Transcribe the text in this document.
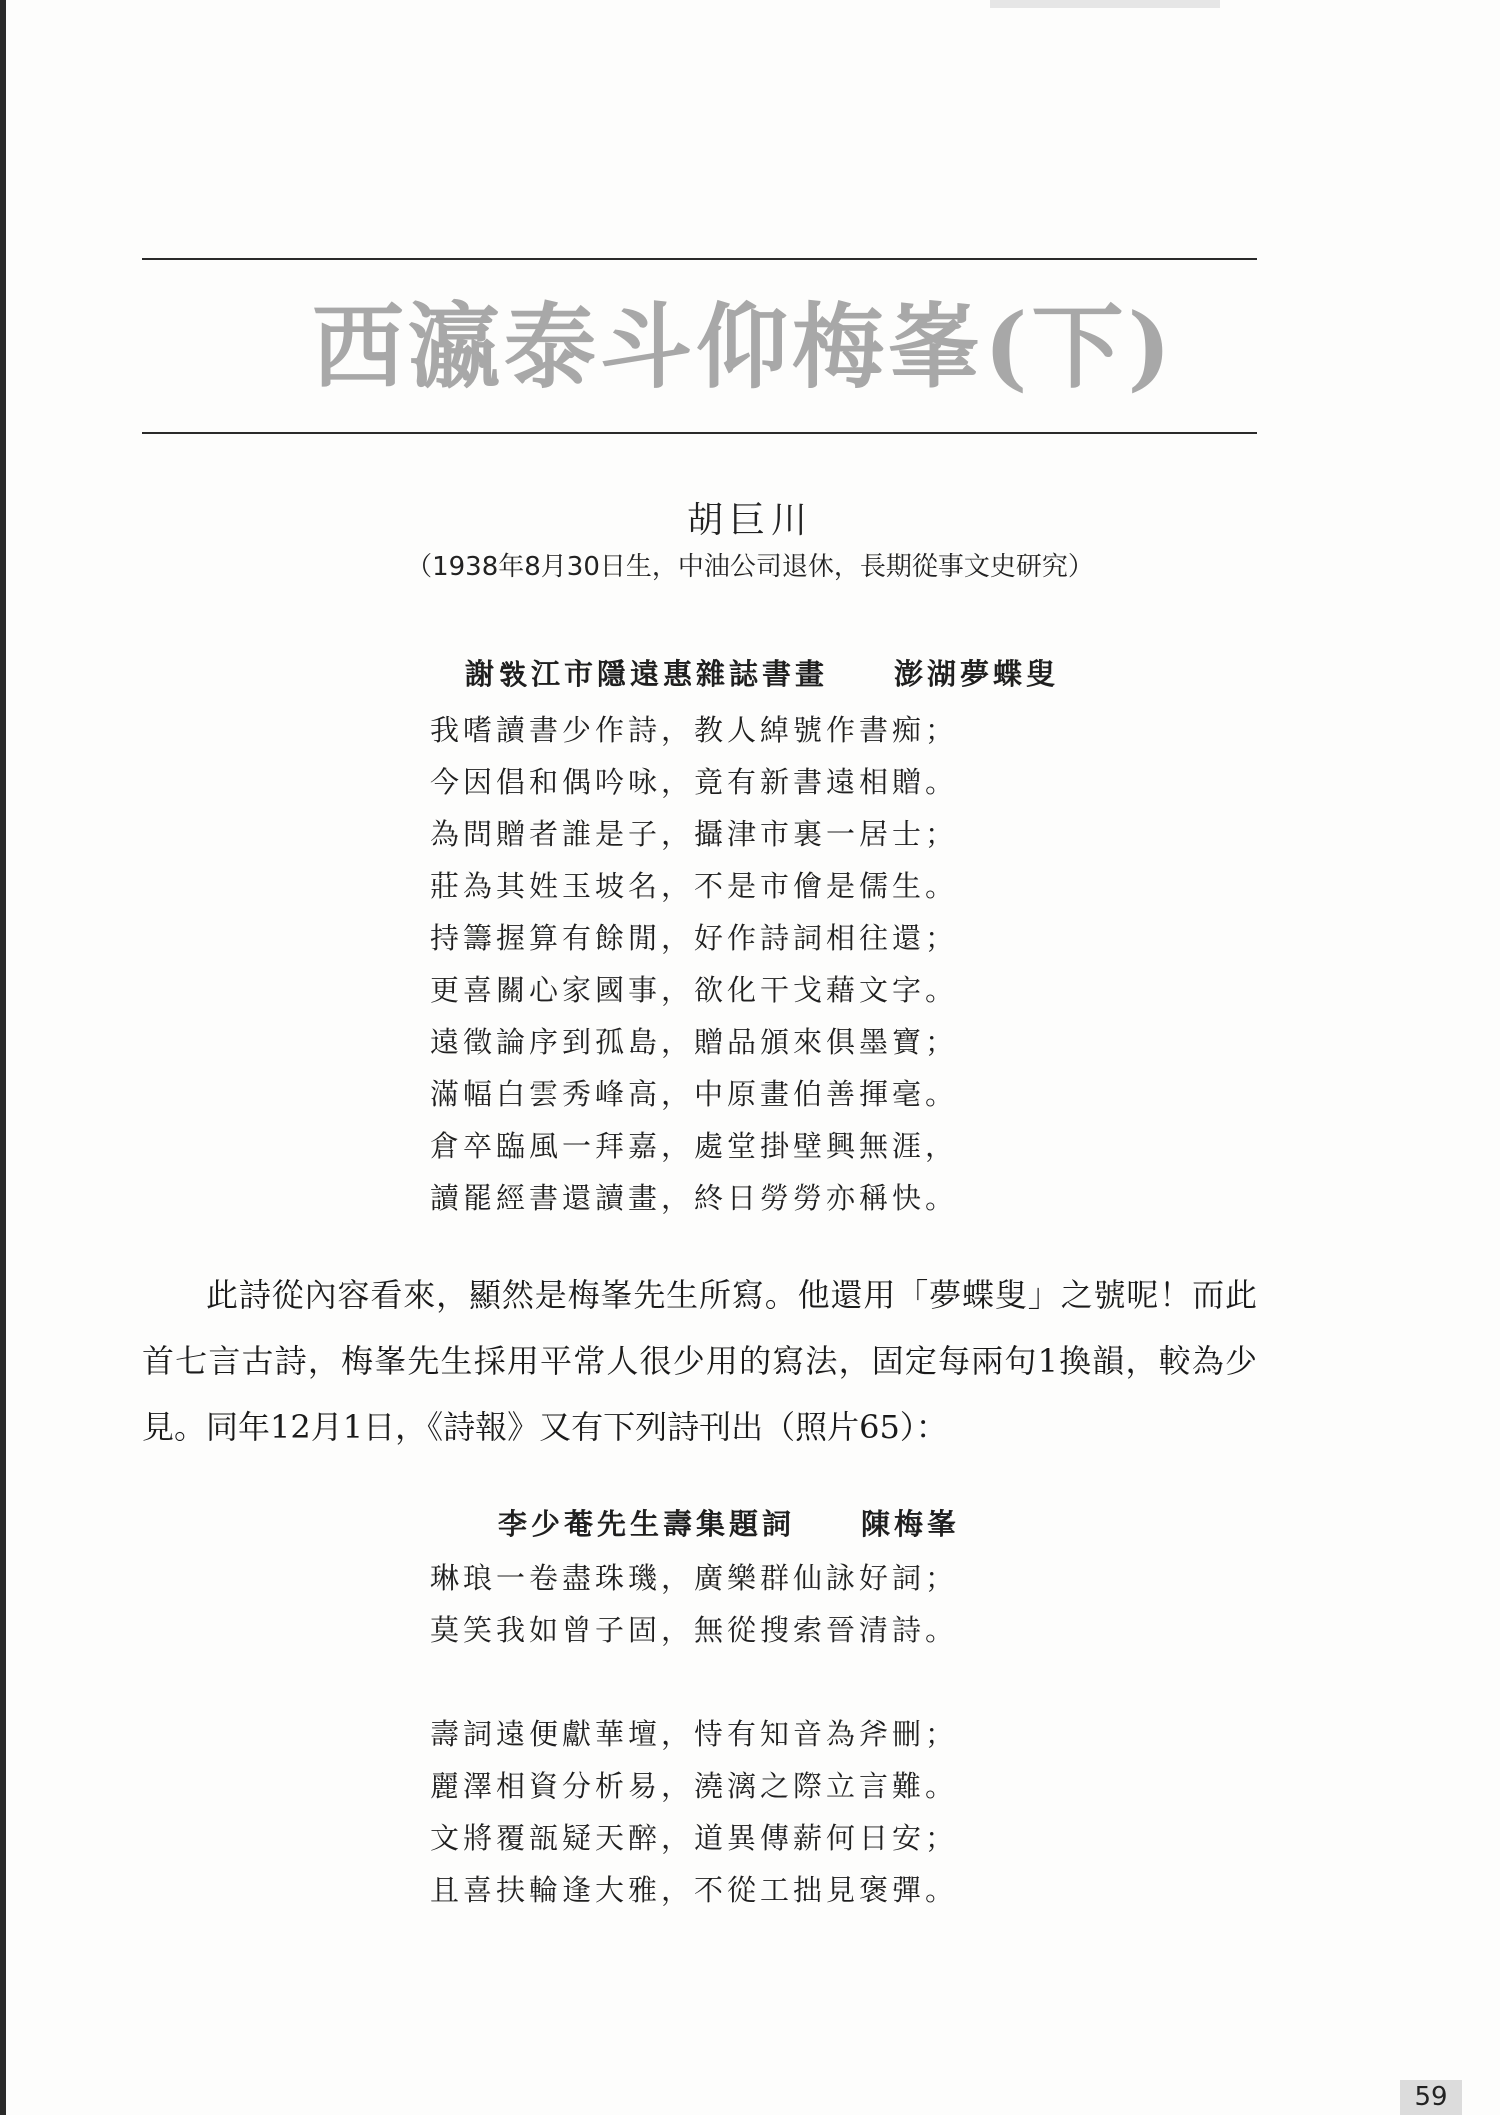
西瀛泰斗仰梅峯(下)
胡巨川
（1938年8月30日生，中油公司退休，長期從事文史研究）
謝𢽾江市隱遠惠雜誌書畫　　澎湖夢蝶叟
我嗜讀書少作詩，教人綽號作書痴；
今因倡和偶吟咏，竟有新書遠相贈。
為問贈者誰是子，攝津市裏一居士；
莊為其姓玉坡名，不是市儈是儒生。
持籌握算有餘閒，好作詩詞相往還；
更喜關心家國事，欲化干戈藉文字。
遠徵論序到孤島，贈品頒來俱墨寶；
滿幅白雲秀峰高，中原畫伯善揮毫。
倉卒臨風一拜嘉，處堂掛壁興無涯，
讀罷經書還讀畫，終日勞勞亦稱快。
此詩從內容看來，顯然是梅峯先生所寫。他還用「夢蝶叟」之號呢！而此首七言古詩，梅峯先生採用平常人很少用的寫法，固定每兩句1換韻，較為少見。同年12月1日，《詩報》又有下列詩刊出（照片65）：
李少菴先生壽集題詞　　陳梅峯
琳琅一卷盡珠璣，廣樂群仙詠好詞；
莫笑我如曾子固，無從搜索晉清詩。
壽詞遠便獻華壇，恃有知音為斧刪；
麗澤相資分析易，澆漓之際立言難。
文將覆瓿疑天醉，道異傳薪何日安；
且喜扶輪逢大雅，不從工拙見褒彈。
59
